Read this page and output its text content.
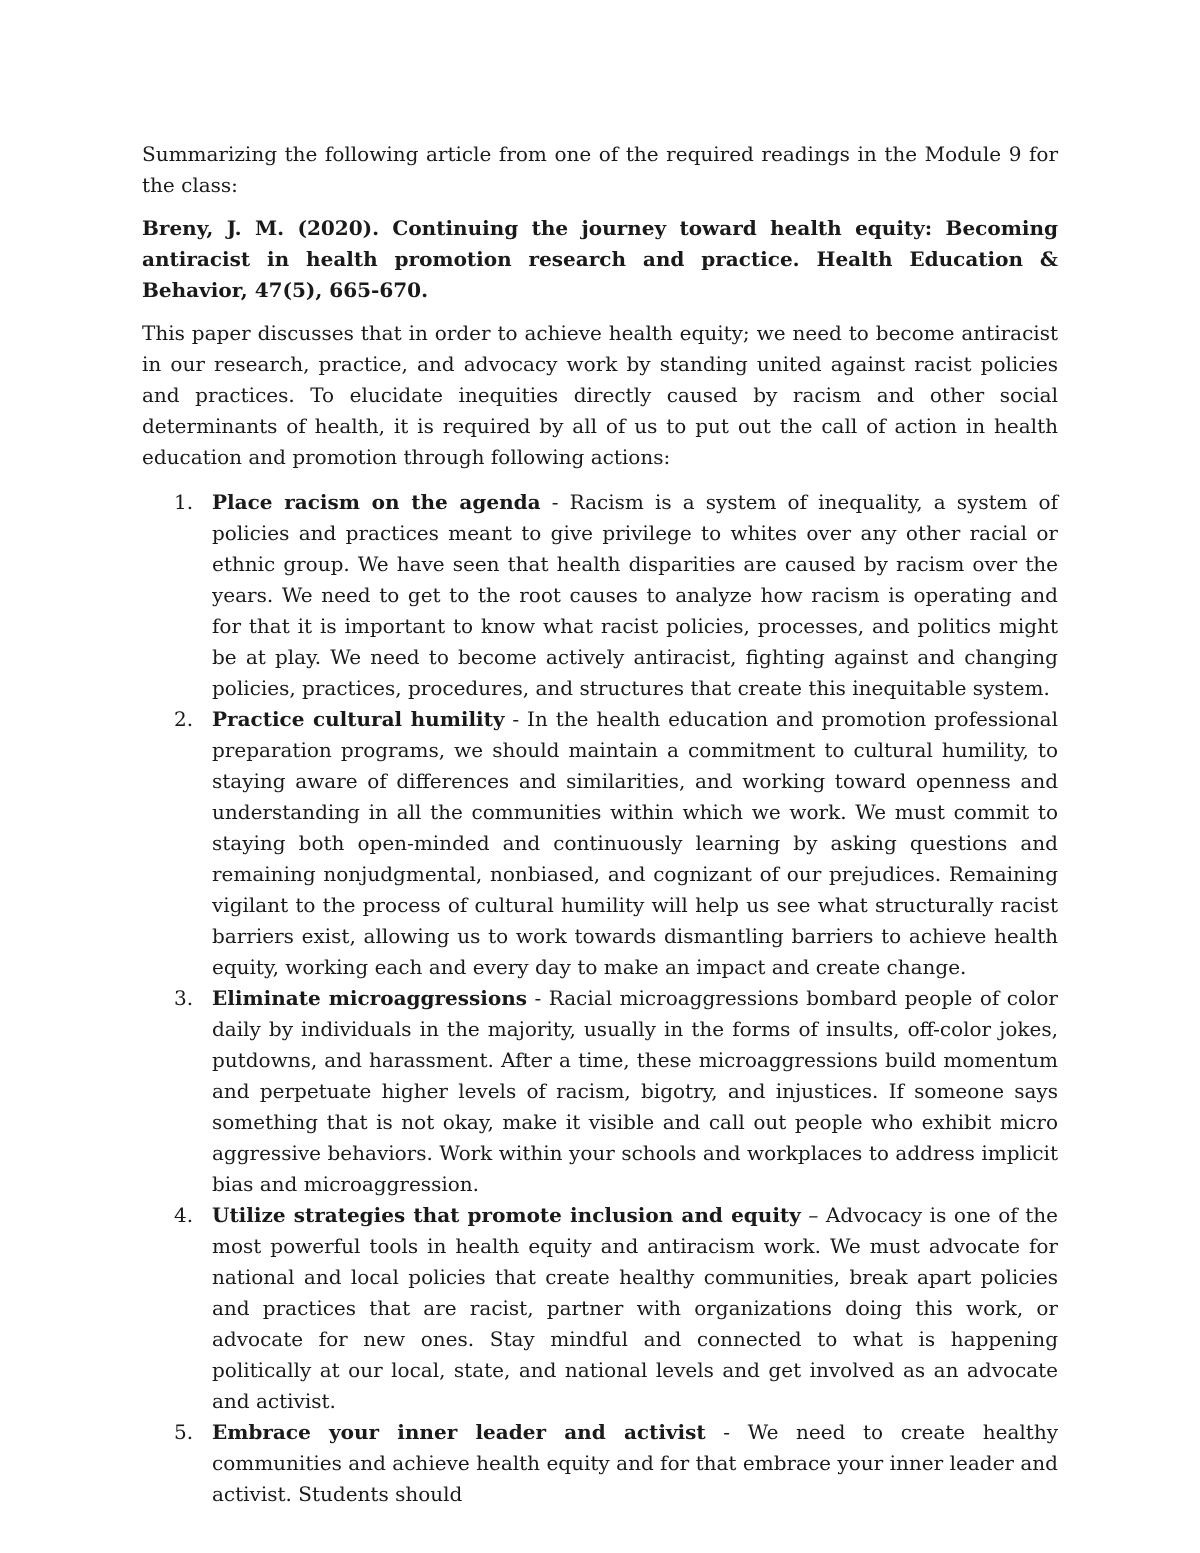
Summarizing the following article from one of the required readings in the Module 9 for the class:

Breny, J. M. (2020). Continuing the journey toward health equity: Becoming antiracist in health promotion research and practice. Health Education & Behavior, 47(5), 665-670.

This paper discusses that in order to achieve health equity; we need to become antiracist in our research, practice, and advocacy work by standing united against racist policies and practices. To elucidate inequities directly caused by racism and other social determinants of health, it is required by all of us to put out the call of action in health education and promotion through following actions:

1. Place racism on the agenda - Racism is a system of inequality, a system of policies and practices meant to give privilege to whites over any other racial or ethnic group. We have seen that health disparities are caused by racism over the years. We need to get to the root causes to analyze how racism is operating and for that it is important to know what racist policies, processes, and politics might be at play. We need to become actively antiracist, fighting against and changing policies, practices, procedures, and structures that create this inequitable system.
2. Practice cultural humility - In the health education and promotion professional preparation programs, we should maintain a commitment to cultural humility, to staying aware of differences and similarities, and working toward openness and understanding in all the communities within which we work. We must commit to staying both open-minded and continuously learning by asking questions and remaining nonjudgmental, nonbiased, and cognizant of our prejudices. Remaining vigilant to the process of cultural humility will help us see what structurally racist barriers exist, allowing us to work towards dismantling barriers to achieve health equity, working each and every day to make an impact and create change.
3. Eliminate microaggressions - Racial microaggressions bombard people of color daily by individuals in the majority, usually in the forms of insults, off-color jokes, putdowns, and harassment. After a time, these microaggressions build momentum and perpetuate higher levels of racism, bigotry, and injustices. If someone says something that is not okay, make it visible and call out people who exhibit micro aggressive behaviors. Work within your schools and workplaces to address implicit bias and microaggression.
4. Utilize strategies that promote inclusion and equity – Advocacy is one of the most powerful tools in health equity and antiracism work. We must advocate for national and local policies that create healthy communities, break apart policies and practices that are racist, partner with organizations doing this work, or advocate for new ones. Stay mindful and connected to what is happening politically at our local, state, and national levels and get involved as an advocate and activist.
5. Embrace your inner leader and activist - We need to create healthy communities and achieve health equity and for that embrace your inner leader and activist. Students should
